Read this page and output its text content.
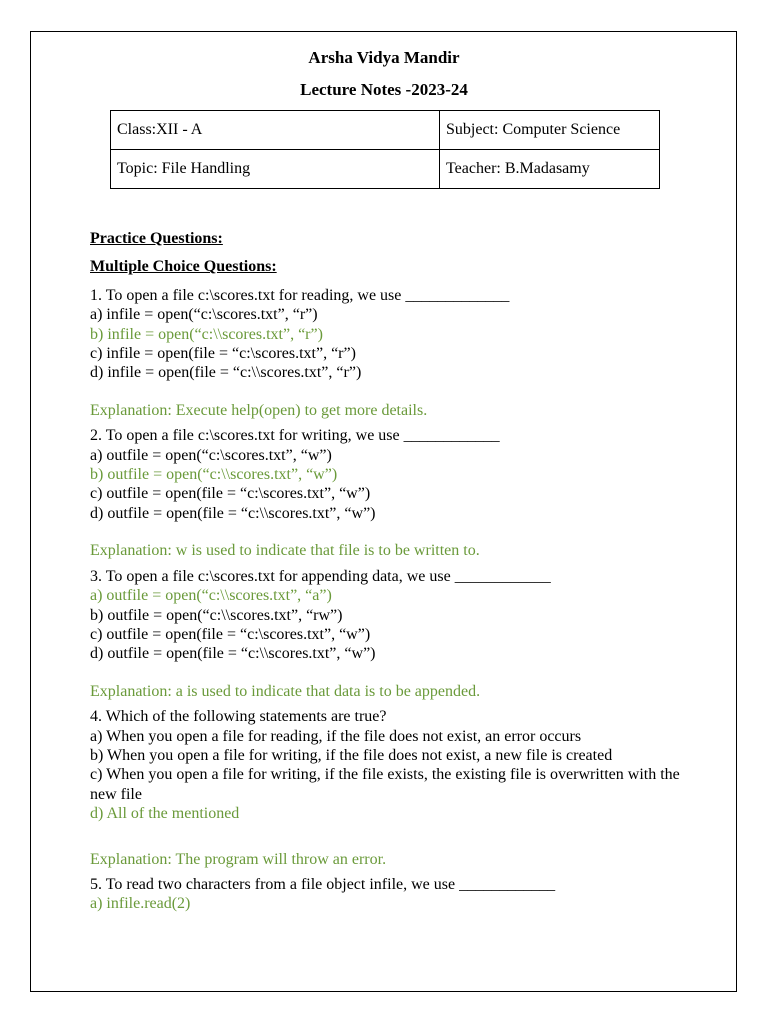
Arsha Vidya Mandir
Lecture Notes -2023-24
Class:XII - A	Subject: Computer Science
Topic: File Handling	Teacher: B.Madasamy

Practice Questions:

Multiple Choice Questions:

1. To open a file c:\scores.txt for reading, we use _____________

a) infile = open(“c:\scores.txt”, “r”)

b) infile = open(“c:\\scores.txt”, “r”)

c) infile = open(file = “c:\scores.txt”, “r”)

d) infile = open(file = “c:\\scores.txt”, “r”)

Explanation: Execute help(open) to get more details.

2. To open a file c:\scores.txt for writing, we use ____________

a) outfile = open(“c:\scores.txt”, “w”)

b) outfile = open(“c:\\scores.txt”, “w”)

c) outfile = open(file = “c:\scores.txt”, “w”)

d) outfile = open(file = “c:\\scores.txt”, “w”)

Explanation: w is used to indicate that file is to be written to.

3. To open a file c:\scores.txt for appending data, we use ____________

a) outfile = open(“c:\\scores.txt”, “a”)

b) outfile = open(“c:\\scores.txt”, “rw”)

c) outfile = open(file = “c:\scores.txt”, “w”)

d) outfile = open(file = “c:\\scores.txt”, “w”)

Explanation: a is used to indicate that data is to be appended.

4. Which of the following statements are true?

a) When you open a file for reading, if the file does not exist, an error occurs

b) When you open a file for writing, if the file does not exist, a new file is created

c) When you open a file for writing, if the file exists, the existing file is overwritten with the new file

d) All of the mentioned

Explanation: The program will throw an error.

5. To read two characters from a file object infile, we use ____________

a) infile.read(2)
